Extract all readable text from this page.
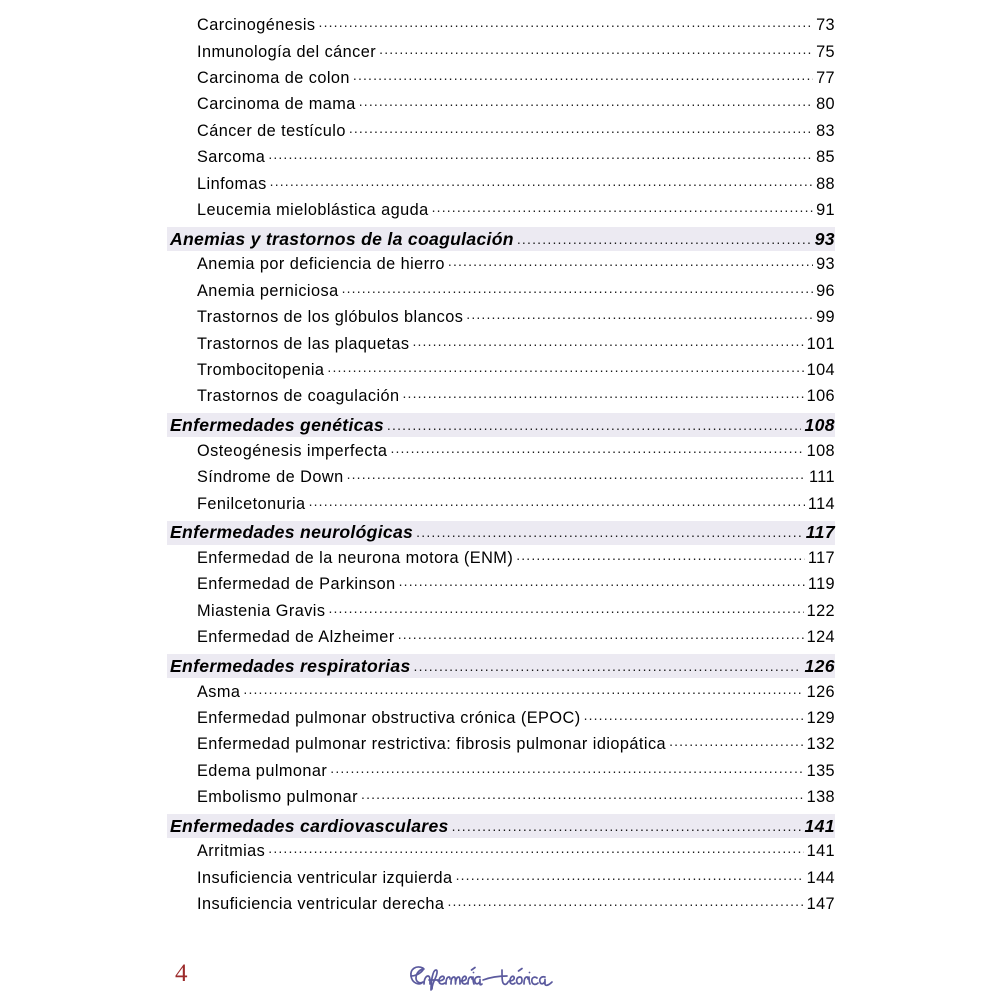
Carcinogénesis .....	73
Inmunología del cáncer .....	75
Carcinoma de colon .....	77
Carcinoma de mama .....	80
Cáncer de testículo .....	83
Sarcoma .....	85
Linfomas .....	88
Leucemia mieloblástica aguda .....	91
Anemias y trastornos de la coagulación .....	93
Anemia por deficiencia de hierro .....	93
Anemia perniciosa .....	96
Trastornos de los glóbulos blancos .....	99
Trastornos de las plaquetas .....	101
Trombocitopenia .....	104
Trastornos de coagulación .....	106
Enfermedades genéticas .....	108
Osteogénesis imperfecta .....	108
Síndrome de Down .....	111
Fenilcetonuria .....	114
Enfermedades neurológicas .....	117
Enfermedad de la neurona motora (ENM) .....	117
Enfermedad de Parkinson .....	119
Miastenia Gravis .....	122
Enfermedad de Alzheimer .....	124
Enfermedades respiratorias .....	126
Asma .....	126
Enfermedad pulmonar obstructiva crónica (EPOC) .....	129
Enfermedad pulmonar restrictiva: fibrosis pulmonar idiopática .....	132
Edema pulmonar .....	135
Embolismo pulmonar .....	138
Enfermedades cardiovasculares .....	141
Arritmias .....	141
Insuficiencia ventricular izquierda .....	144
Insuficiencia ventricular derecha .....	147
4
